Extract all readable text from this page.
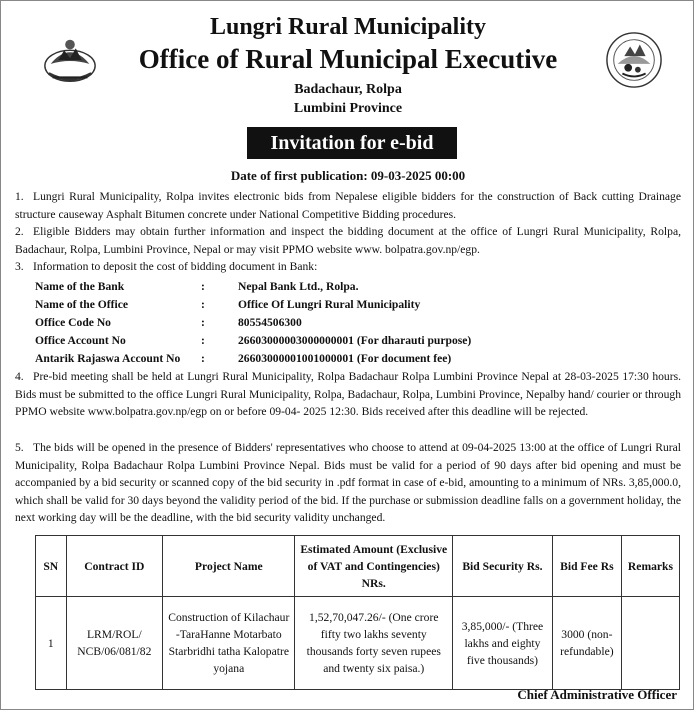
Lungri Rural Municipality
Office of Rural Municipal Executive
Badachaur, Rolpa
Lumbini Province
Invitation for e-bid
Date of first publication: 09-03-2025 00:00
1. Lungri Rural Municipality, Rolpa invites electronic bids from Nepalese eligible bidders for the construction of Back cutting Drainage structure causeway Asphalt Bitumen concrete under National Competitive Bidding procedures.
2. Eligible Bidders may obtain further information and inspect the bidding document at the office of Lungri Rural Municipality, Rolpa, Badachaur, Rolpa, Lumbini Province, Nepal or may visit PPMO website www. bolpatra.gov.np/egp.
3. Information to deposit the cost of bidding document in Bank:
Name of the Bank	:	Nepal Bank Ltd., Rolpa.
Name of the Office	:	Office Of Lungri Rural Municipality
Office Code No	:	80554506300
Office Account No	:	26603000003000000001 (For dharauti purpose)
Antarik Rajaswa Account No	:	26603000001001000001 (For document fee)
4. Pre-bid meeting shall be held at Lungri Rural Municipality, Rolpa Badachaur Rolpa Lumbini Province Nepal at 28-03-2025 17:30 hours. Bids must be submitted to the office Lungri Rural Municipality, Rolpa, Badachaur, Rolpa, Lumbini Province, Nepalby hand/ courier or through PPMO website www.bolpatra.gov.np/egp on or before 09-04- 2025 12:30. Bids received after this deadline will be rejected.
5. The bids will be opened in the presence of Bidders' representatives who choose to attend at 09-04-2025 13:00 at the office of Lungri Rural Municipality, Rolpa Badachaur Rolpa Lumbini Province Nepal. Bids must be valid for a period of 90 days after bid opening and must be accompanied by a bid security or scanned copy of the bid security in .pdf format in case of e-bid, amounting to a minimum of NRs. 3,85,000.0, which shall be valid for 30 days beyond the validity period of the bid. If the purchase or submission deadline falls on a government holiday, the next working day will be the deadline, with the bid security validity unchanged.
SN	Contract ID	Project Name	Estimated Amount (Exclusive of VAT and Contingencies) NRs.	Bid Security Rs.	Bid Fee Rs	Remarks
1	LRM/ROL/ NCB/06/081/82	Construction of Kilachaur -TaraHanne Motarbato Starbridhi tatha Kalopatre yojana	1,52,70,047.26/- (One crore fifty two lakhs seventy thousands forty seven rupees and twenty six paisa.)	3,85,000/- (Three lakhs and eighty five thousands)	3000 (non-refundable)	
Chief Administrative Officer
